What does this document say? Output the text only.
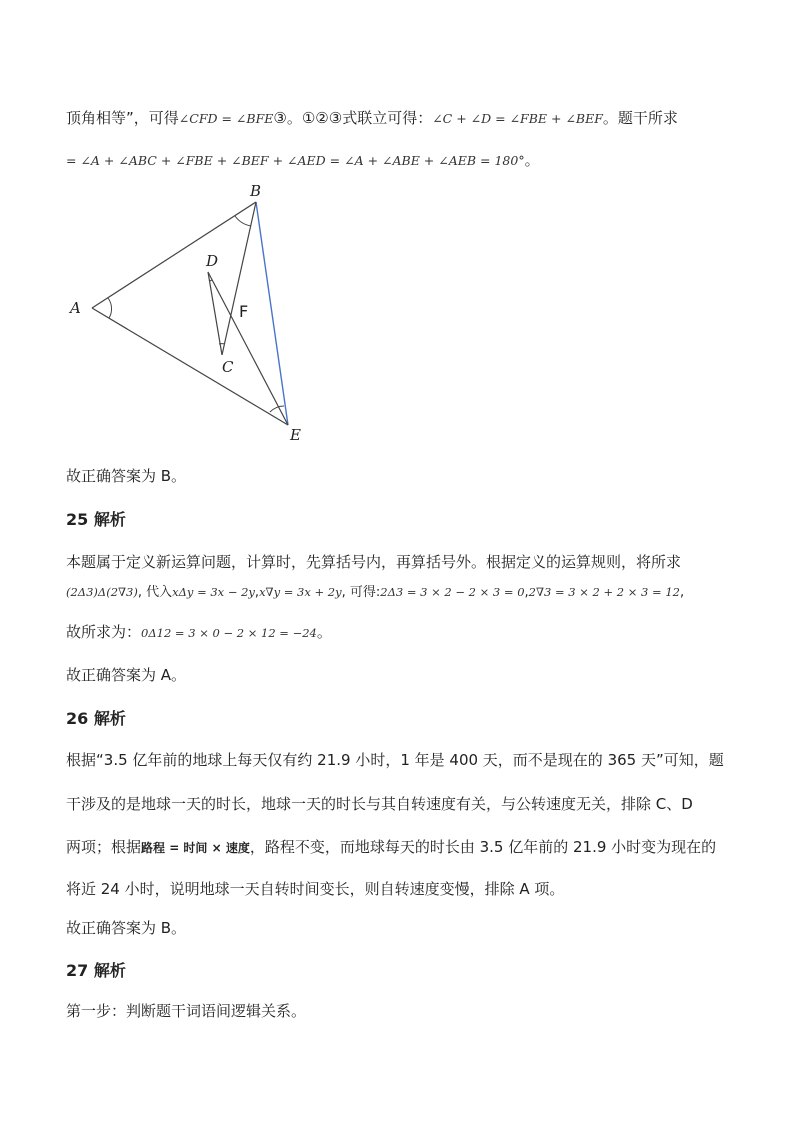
顶角相等”，可得∠CFD = ∠BFE③。①②③式联立可得：∠C + ∠D = ∠FBE + ∠BEF。题干所求
= ∠A + ∠ABC + ∠FBE + ∠BEF + ∠AED = ∠A + ∠ABE + ∠AEB = 180°。
A
B
C
D
E
F
故正确答案为 B。
25 解析
本题属于定义新运算问题，计算时，先算括号内，再算括号外。根据定义的运算规则，将所求
(2Δ3)Δ(2∇3), 代入xΔy = 3x − 2y,x∇y = 3x + 2y, 可得:2Δ3 = 3 × 2 − 2 × 3 = 0,2∇3 = 3 × 2 + 2 × 3 = 12,
故所求为：0Δ12 = 3 × 0 − 2 × 12 = −24。
故正确答案为 A。
26 解析
根据“3.5 亿年前的地球上每天仅有约 21.9 小时，1 年是 400 天，而不是现在的 365 天”可知，题
干涉及的是地球一天的时长，地球一天的时长与其自转速度有关，与公转速度无关，排除 C、D
两项；根据路程 = 时间 × 速度，路程不变，而地球每天的时长由 3.5 亿年前的 21.9 小时变为现在的
将近 24 小时，说明地球一天自转时间变长，则自转速度变慢，排除 A 项。
故正确答案为 B。
27 解析
第一步：判断题干词语间逻辑关系。
